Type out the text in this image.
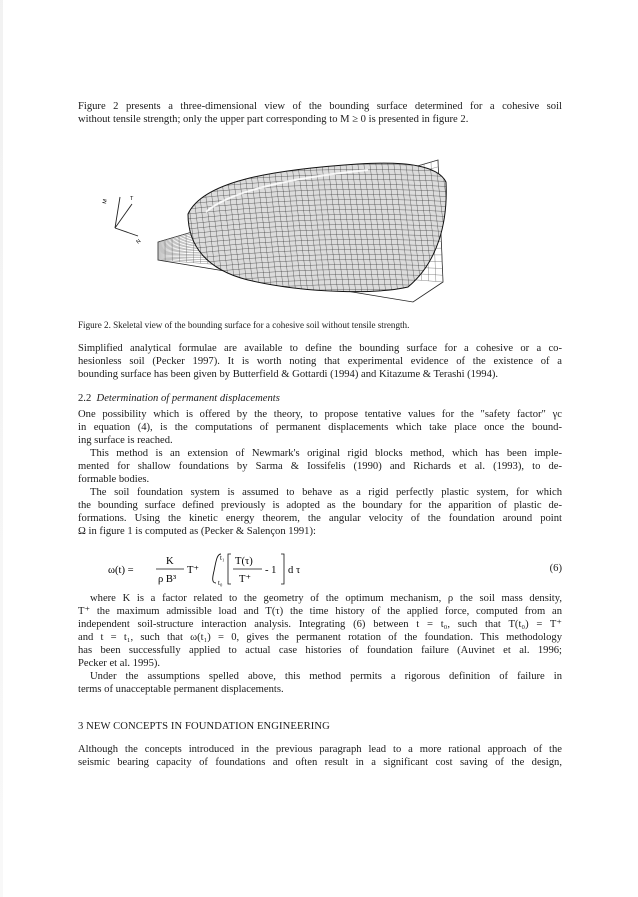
Figure 2 presents a three-dimensional view of the bounding surface determined for a cohesive soil
without tensile strength; only the upper part corresponding to M ≥ 0 is presented in figure 2.
M	T
N

Figure 2. Skeletal view of the bounding surface for a cohesive soil without tensile strength.

Simplified analytical formulae are available to define the bounding surface for a cohesive or a co-
hesionless soil (Pecker 1997). It is worth noting that experimental evidence of the existence of a
bounding surface has been given by Butterfield & Gottardi (1994) and Kitazume & Terashi (1994).

2.2 Determination of permanent displacements

One possibility which is offered by the theory, to propose tentative values for the "safety factor" γc
in equation (4), is the computations of permanent displacements which take place once the bound-
ing surface is reached.
This method is an extension of Newmark's original rigid blocks method, which has been imple-
mented for shallow foundations by Sarma & Iossifelis (1990) and Richards et al. (1993), to de-
formable bodies.
The soil foundation system is assumed to behave as a rigid perfectly plastic system, for which
the bounding surface defined previously is adopted as the boundary for the apparition of plastic de-
formations. Using the kinetic energy theorem, the angular velocity of the foundation around point
Ω in figure 1 is computed as (Pecker & Salençon 1991):
ω(t) =
K
ρ B³
T⁺
t₁
t₀
T(τ)
T⁺
- 1 d τ	(6)
where K is a factor related to the geometry of the optimum mechanism, ρ the soil mass density,
T⁺ the maximum admissible load and T(τ) the time history of the applied force, computed from an
independent soil-structure interaction analysis. Integrating (6) between t = t₀, such that T(t₀) = T⁺
and t = t₁, such that ω(t₁) = 0, gives the permanent rotation of the foundation. This methodology
has been successfully applied to actual case histories of foundation failure (Auvinet et al. 1996;
Pecker et al. 1995).
Under the assumptions spelled above, this method permits a rigorous definition of failure in
terms of unacceptable permanent displacements.

3 NEW CONCEPTS IN FOUNDATION ENGINEERING

Although the concepts introduced in the previous paragraph lead to a more rational approach of the
seismic bearing capacity of foundations and often result in a significant cost saving of the design,
